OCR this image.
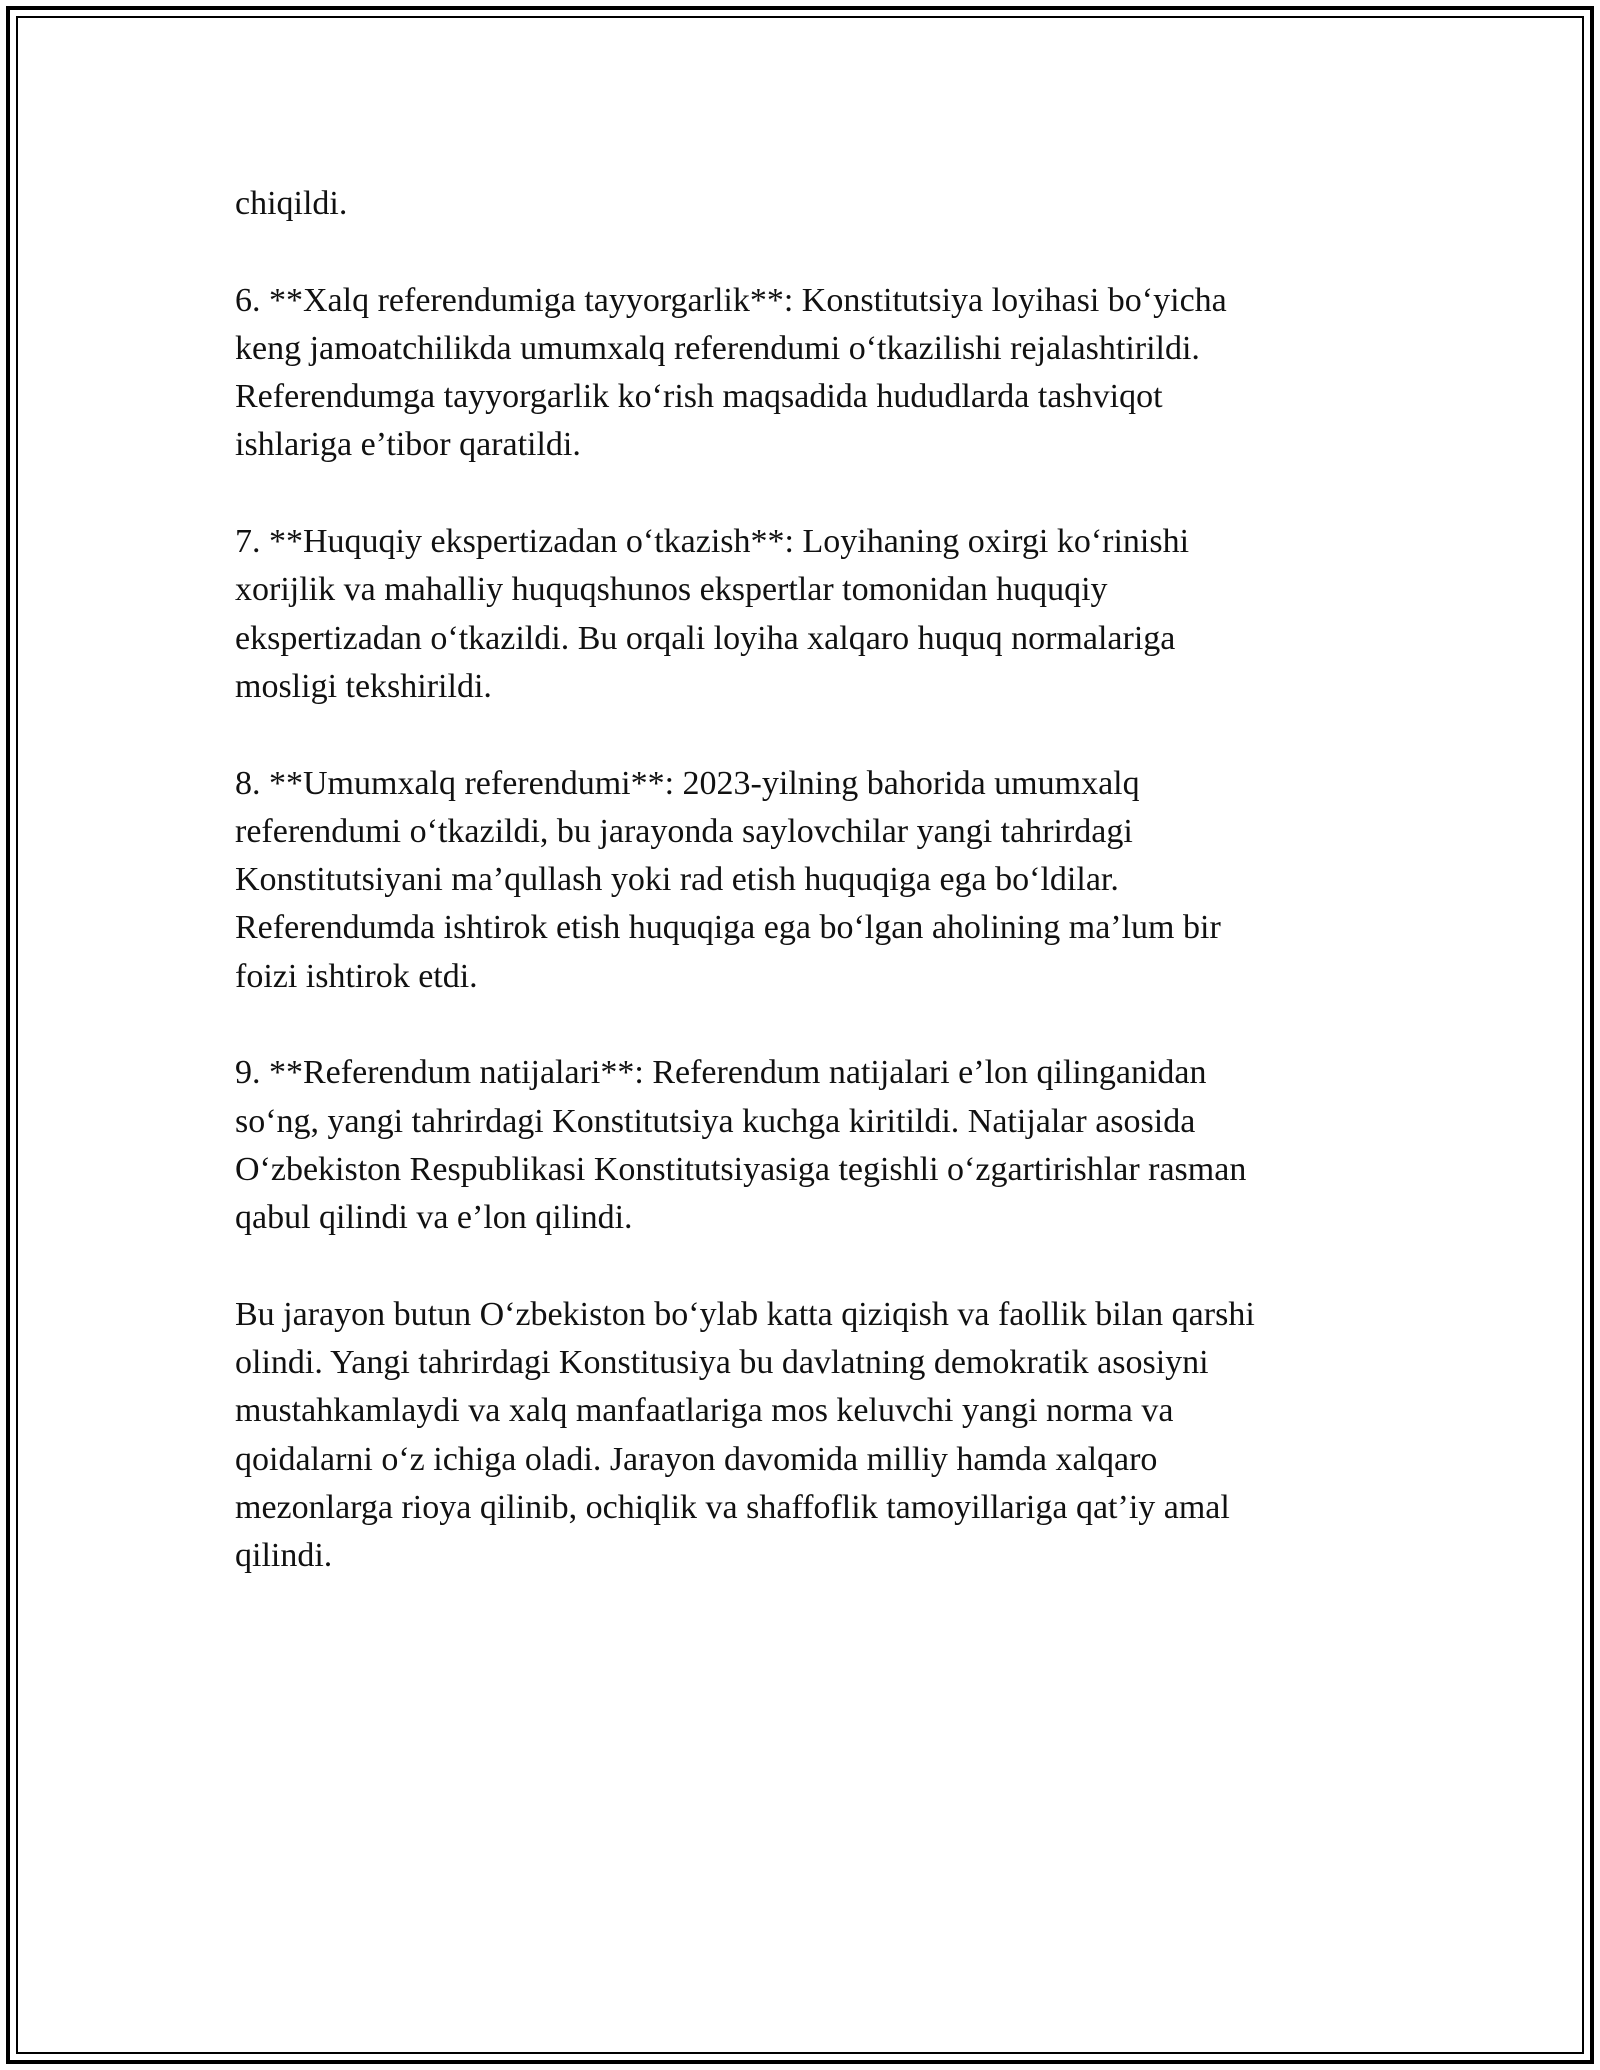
chiqildi.

6. **Xalq referendumiga tayyorgarlik**: Konstitutsiya loyihasi bo‘yicha
keng jamoatchilikda umumxalq referendumi o‘tkazilishi rejalashtirildi.
Referendumga tayyorgarlik ko‘rish maqsadida hududlarda tashviqot
ishlariga e’tibor qaratildi.

7. **Huquqiy ekspertizadan o‘tkazish**: Loyihaning oxirgi ko‘rinishi
xorijlik va mahalliy huquqshunos ekspertlar tomonidan huquqiy
ekspertizadan o‘tkazildi. Bu orqali loyiha xalqaro huquq normalariga
mosligi tekshirildi.

8. **Umumxalq referendumi**: 2023-yilning bahorida umumxalq
referendumi o‘tkazildi, bu jarayonda saylovchilar yangi tahrirdagi
Konstitutsiyani ma’qullash yoki rad etish huquqiga ega bo‘ldilar.
Referendumda ishtirok etish huquqiga ega bo‘lgan aholining ma’lum bir
foizi ishtirok etdi.

9. **Referendum natijalari**: Referendum natijalari e’lon qilinganidan
so‘ng, yangi tahrirdagi Konstitutsiya kuchga kiritildi. Natijalar asosida
O‘zbekiston Respublikasi Konstitutsiyasiga tegishli o‘zgartirishlar rasman
qabul qilindi va e’lon qilindi.

Bu jarayon butun O‘zbekiston bo‘ylab katta qiziqish va faollik bilan qarshi
olindi. Yangi tahrirdagi Konstitusiya bu davlatning demokratik asosiyni
mustahkamlaydi va xalq manfaatlariga mos keluvchi yangi norma va
qoidalarni o‘z ichiga oladi. Jarayon davomida milliy hamda xalqaro
mezonlarga rioya qilinib, ochiqlik va shaffoflik tamoyillariga qat’iy amal
qilindi.
